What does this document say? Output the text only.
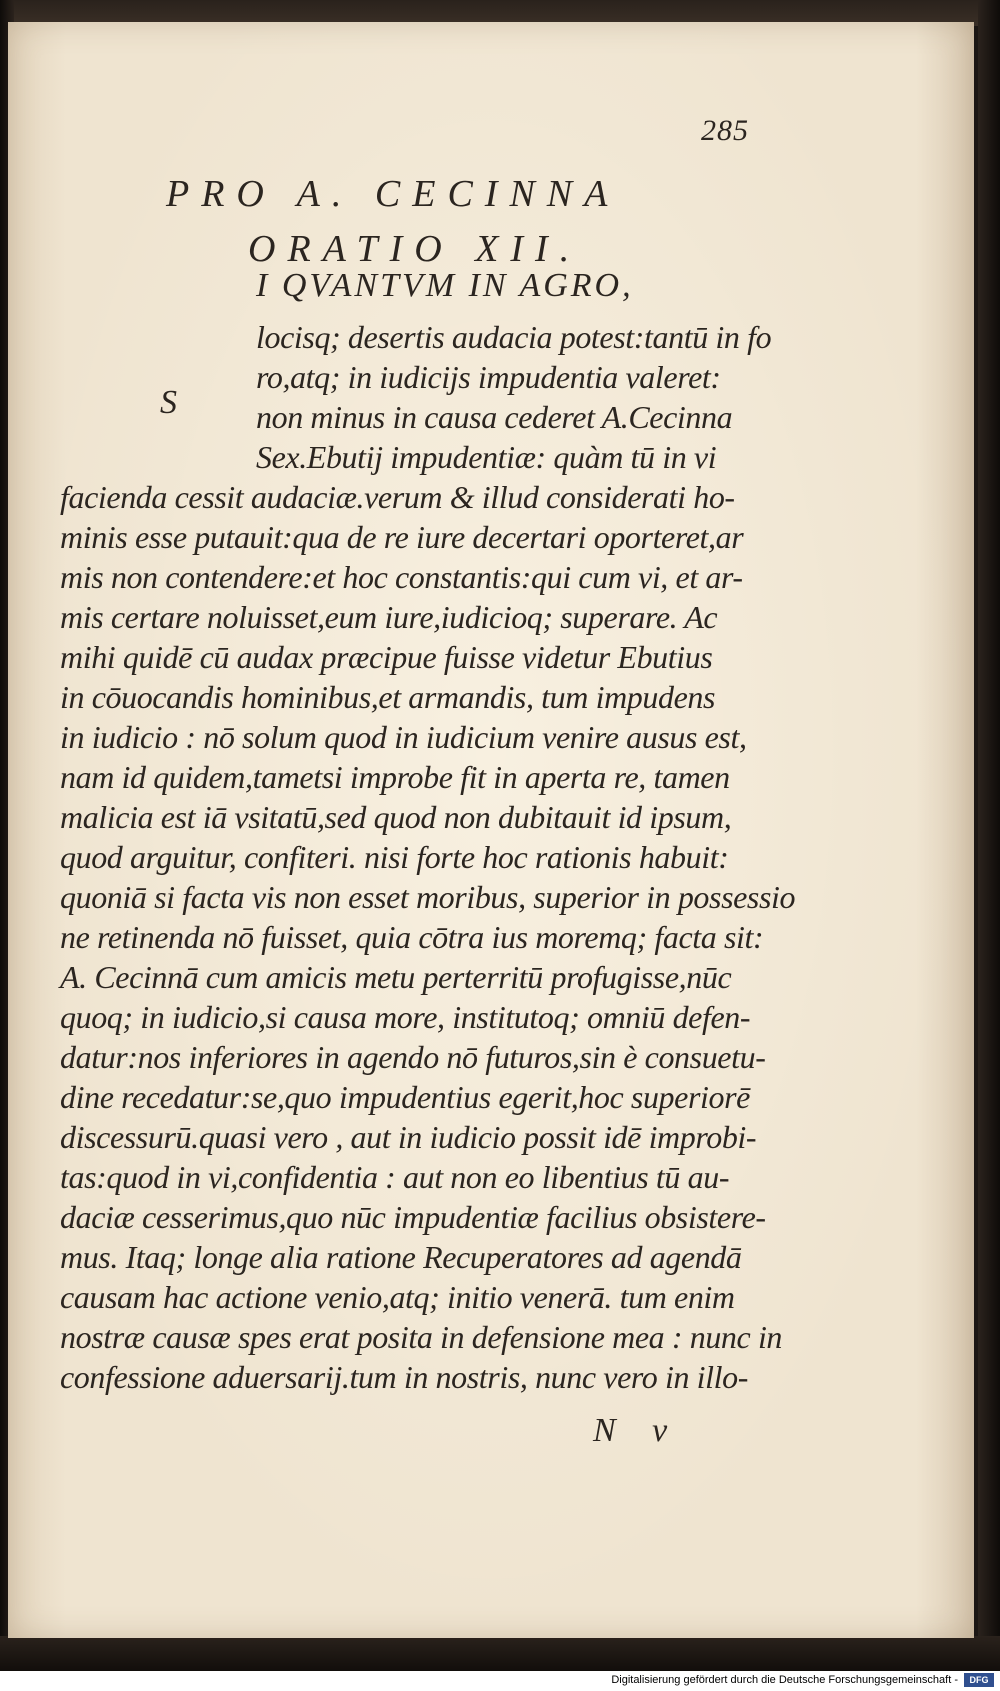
285
PRO A. CECINNA
ORATIO XII.
S
I QVANTVM IN AGRO,
locisq; desertis audacia potest:tantū in fo
ro,atq; in iudicijs impudentia valeret:
non minus in causa cederet A.Cecinna
Sex.Ebutij impudentiæ: quàm tū in vi
facienda cessit audaciæ.verum & illud considerati ho-
minis esse putauit:qua de re iure decertari oporteret,ar
mis non contendere:et hoc constantis:qui cum vi, et ar-
mis certare noluisset,eum iure,iudicioq; superare. Ac
mihi quidē cū audax præcipue fuisse videtur Ebutius
in cōuocandis hominibus,et armandis, tum impudens
in iudicio : nō solum quod in iudicium venire ausus est,
nam id quidem,tametsi improbe fit in aperta re, tamen
malicia est iā vsitatū,sed quod non dubitauit id ipsum,
quod arguitur, confiteri. nisi forte hoc rationis habuit:
quoniā si facta vis non esset moribus, superior in possessio
ne retinenda nō fuisset, quia cōtra ius moremq; facta sit:
A. Cecinnā cum amicis metu perterritū profugisse,nūc
quoq; in iudicio,si causa more, institutoq; omniū defen-
datur:nos inferiores in agendo nō futuros,sin è consuetu-
dine recedatur:se,quo impudentius egerit,hoc superiorē
discessurū.quasi vero , aut in iudicio possit idē improbi-
tas:quod in vi,confidentia : aut non eo libentius tū au-
daciæ cesserimus,quo nūc impudentiæ facilius obsistere-
mus. Itaq; longe alia ratione Recuperatores ad agendā
causam hac actione venio,atq; initio venerā. tum enim
nostræ causæ spes erat posita in defensione mea : nunc in
confessione aduersarij.tum in nostris, nunc vero in illo-
N v
Digitalisierung gefördert durch die Deutsche Forschungsgemeinschaft -	DFG
